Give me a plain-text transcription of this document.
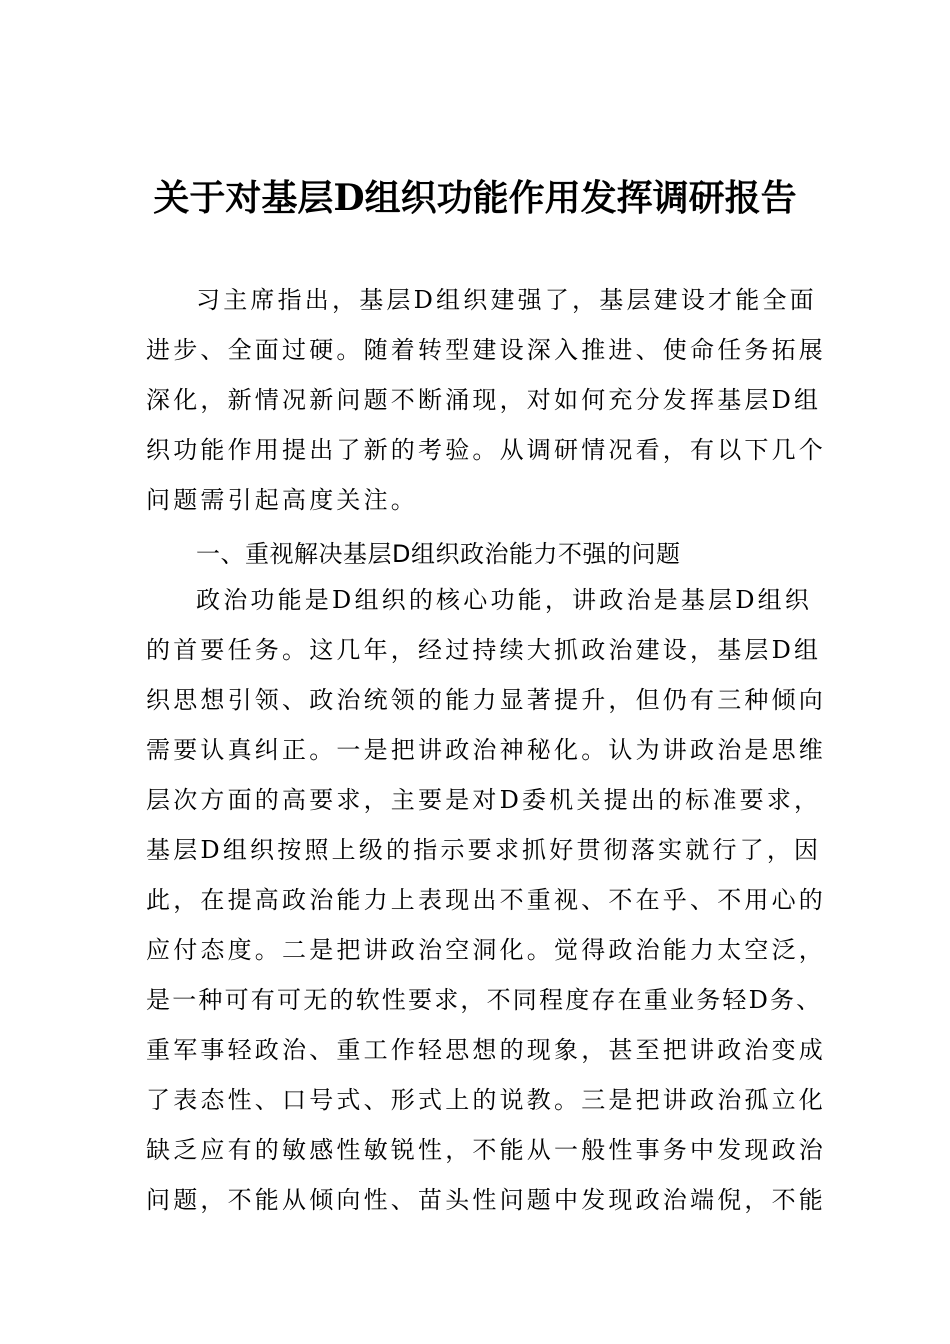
关于对基层D组织功能作用发挥调研报告
习主席指出，基层D组织建强了，基层建设才能全面
进步、全面过硬。随着转型建设深入推进、使命任务拓展
深化，新情况新问题不断涌现，对如何充分发挥基层D组
织功能作用提出了新的考验。从调研情况看，有以下几个
问题需引起高度关注。
一、重视解决基层D组织政治能力不强的问题
政治功能是D组织的核心功能，讲政治是基层D组织
的首要任务。这几年，经过持续大抓政治建设，基层D组
织思想引领、政治统领的能力显著提升，但仍有三种倾向
需要认真纠正。一是把讲政治神秘化。认为讲政治是思维
层次方面的高要求，主要是对D委机关提出的标准要求，
基层D组织按照上级的指示要求抓好贯彻落实就行了，因
此，在提高政治能力上表现出不重视、不在乎、不用心的
应付态度。二是把讲政治空洞化。觉得政治能力太空泛，
是一种可有可无的软性要求，不同程度存在重业务轻D务、
重军事轻政治、重工作轻思想的现象，甚至把讲政治变成
了表态性、口号式、形式上的说教。三是把讲政治孤立化
缺乏应有的敏感性敏锐性，不能从一般性事务中发现政治
问题，不能从倾向性、苗头性问题中发现政治端倪，不能
